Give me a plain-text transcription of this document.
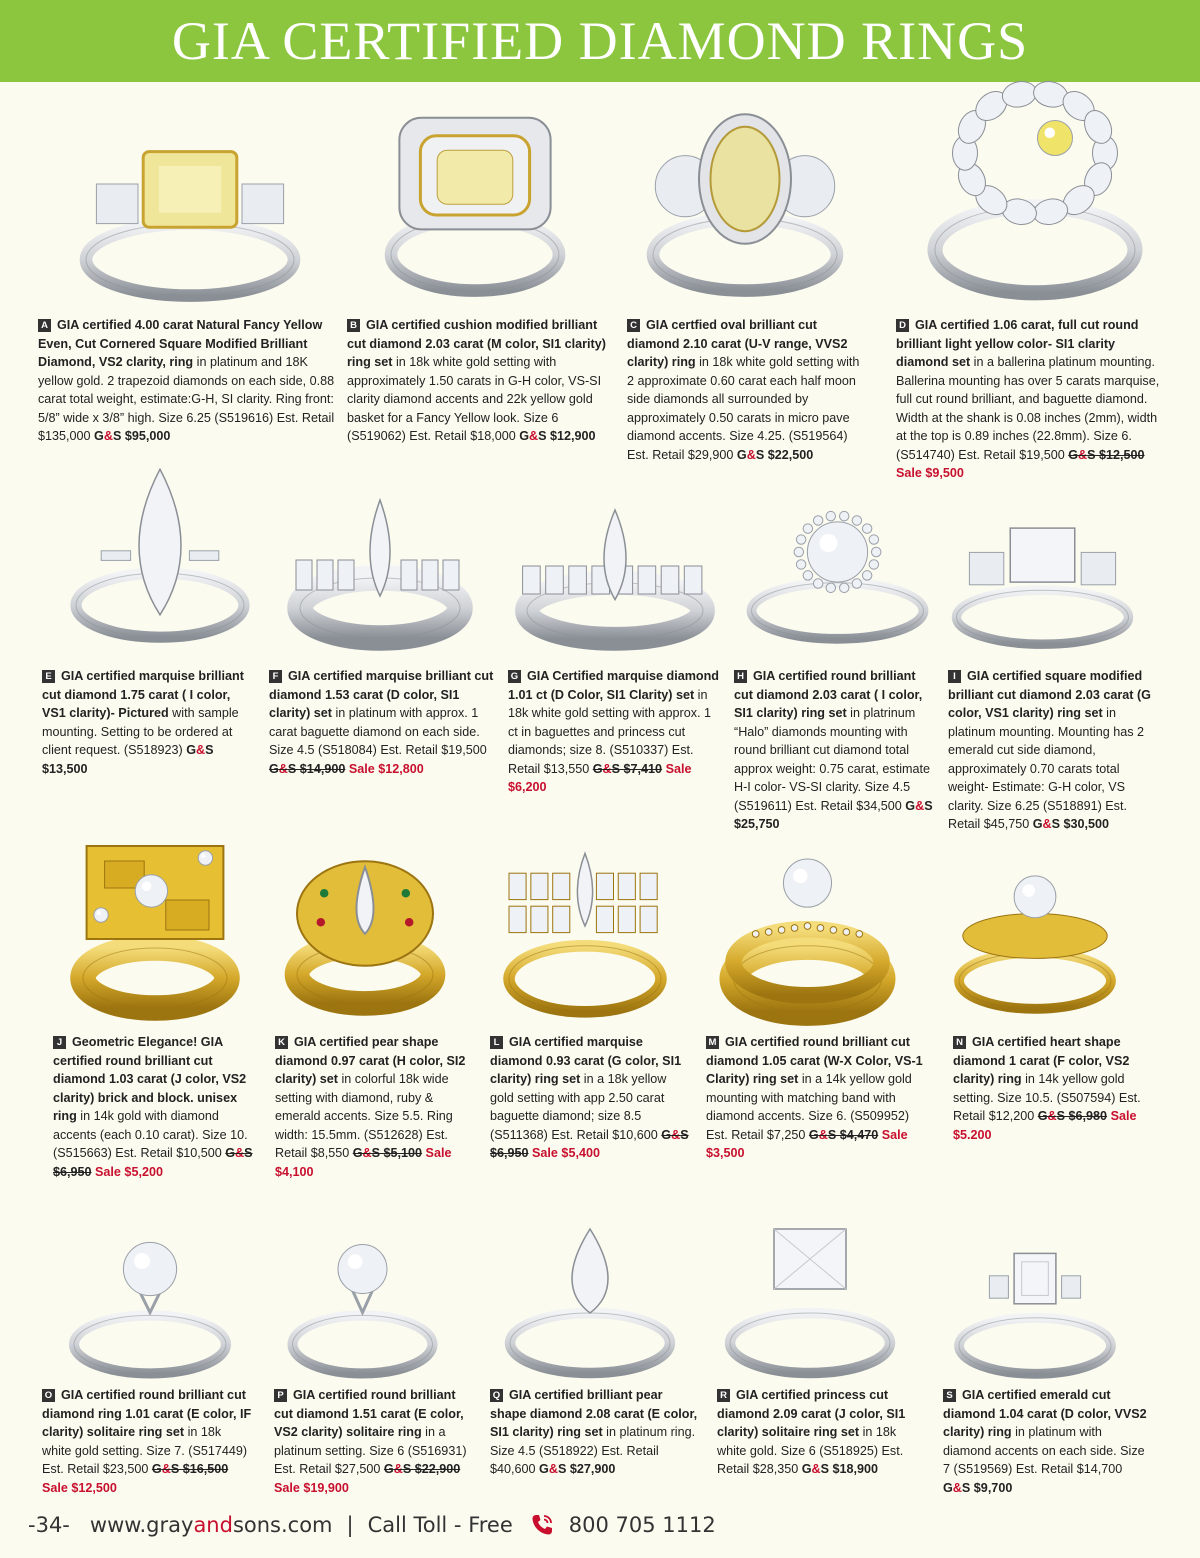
GIA CERTIFIED DIAMOND RINGS
A GIA certified 4.00 carat Natural Fancy Yellow Even, Cut Cornered Square Modified Brilliant Diamond, VS2 clarity, ring in platinum and 18K yellow gold. 2 trapezoid diamonds on each side, 0.88 carat total weight, estimate:G-H, SI clarity. Ring front: 5/8” wide x 3/8” high. Size 6.25 (S519616) Est. Retail $135,000 G&S $95,000
B GIA certified cushion modified brilliant cut diamond 2.03 carat (M color, SI1 clarity) ring set in 18k white gold setting with approximately 1.50 carats in G-H color, VS-SI clarity diamond accents and 22k yellow gold basket for a Fancy Yellow look. Size 6 (S519062) Est. Retail $18,000 G&S $12,900
C GIA certfied oval brilliant cut diamond 2.10 carat (U-V range, VVS2 clarity) ring in 18k white gold setting with 2 approximate 0.60 carat each half moon side diamonds all surrounded by approximately 0.50 carats in micro pave diamond accents. Size 4.25. (S519564) Est. Retail $29,900 G&S $22,500
D GIA certified 1.06 carat, full cut round brilliant light yellow color- SI1 clarity diamond set in a ballerina platinum mounting. Ballerina mounting has over 5 carats marquise, full cut round brilliant, and baguette diamond. Width at the shank is 0.08 inches (2mm), width at the top is 0.89 inches (22.8mm). Size 6. (S514740) Est. Retail $19,500 G&S $12,500 Sale $9,500
E GIA certified marquise brilliant cut diamond 1.75 carat ( I color, VS1 clarity)- Pictured with sample mounting. Setting to be ordered at client request. (S518923) G&S $13,500
F GIA certified marquise brilliant cut diamond 1.53 carat (D color, SI1 clarity) set in platinum with approx. 1 carat baguette diamond on each side. Size 4.5 (S518084) Est. Retail $19,500 G&S $14,900 Sale $12,800
G GIA Certified marquise diamond 1.01 ct (D Color, SI1 Clarity) set in 18k white gold setting with approx. 1 ct in baguettes and princess cut diamonds; size 8. (S510337) Est. Retail $13,550 G&S $7,410 Sale $6,200
H GIA certified round brilliant cut diamond 2.03 carat ( I color, SI1 clarity) ring set in platrinum “Halo” diamonds mounting with round brilliant cut diamond total approx weight: 0.75 carat, estimate H-I color- VS-SI clarity. Size 4.5 (S519611) Est. Retail $34,500 G&S $25,750
I GIA certified square modified brilliant cut diamond 2.03 carat (G color, VS1 clarity) ring set in platinum mounting. Mounting has 2 emerald cut side diamond, approximately 0.70 carats total weight- Estimate: G-H color, VS clarity. Size 6.25 (S518891) Est. Retail $45,750 G&S $30,500
J Geometric Elegance! GIA certified round brilliant cut diamond 1.03 carat (J color, VS2 clarity) brick and block. unisex ring in 14k gold with diamond accents (each 0.10 carat). Size 10. (S515663) Est. Retail $10,500 G&S $6,950 Sale $5,200
K GIA certified pear shape diamond 0.97 carat (H color, SI2 clarity) set in colorful 18k wide setting with diamond, ruby & emerald accents. Size 5.5. Ring width: 15.5mm. (S512628) Est. Retail $8,550 G&S $5,100 Sale $4,100
L GIA certified marquise diamond 0.93 carat (G color, SI1 clarity) ring set in a 18k yellow gold setting with app 2.50 carat baguette diamond; size 8.5 (S511368) Est. Retail $10,600 G&S $6,950 Sale $5,400
M GIA certified round brilliant cut diamond 1.05 carat (W-X Color, VS-1 Clarity) ring set in a 14k yellow gold mounting with matching band with diamond accents. Size 6. (S509952) Est. Retail $7,250 G&S $4,470 Sale $3,500
N GIA certified heart shape diamond 1 carat (F color, VS2 clarity) ring in 14k yellow gold setting. Size 10.5. (S507594) Est. Retail $12,200 G&S $6,980 Sale $5.200
O GIA certified round brilliant cut diamond ring 1.01 carat (E color, IF clarity) solitaire ring set in 18k white gold setting. Size 7. (S517449) Est. Retail $23,500 G&S $16,500 Sale $12,500
P GIA certified round brilliant cut diamond 1.51 carat (E color, VS2 clarity) solitaire ring in a platinum setting. Size 6 (S516931) Est. Retail $27,500 G&S $22,900 Sale $19,900
Q GIA certified brilliant pear shape diamond 2.08 carat (E color, SI1 clarity) ring set in platinum ring. Size 4.5 (S518922) Est. Retail $40,600 G&S $27,900
R GIA certified princess cut diamond 2.09 carat (J color, SI1 clarity) solitaire ring set in 18k white gold. Size 6 (S518925) Est. Retail $28,350 G&S $18,900
S GIA certified emerald cut diamond 1.04 carat (D color, VVS2 clarity) ring in platinum with diamond accents on each side. Size 7 (S519569) Est. Retail $14,700 G&S $9,700
-34- www.grayandsons.com | Call Toll - Free	800 705 1112
